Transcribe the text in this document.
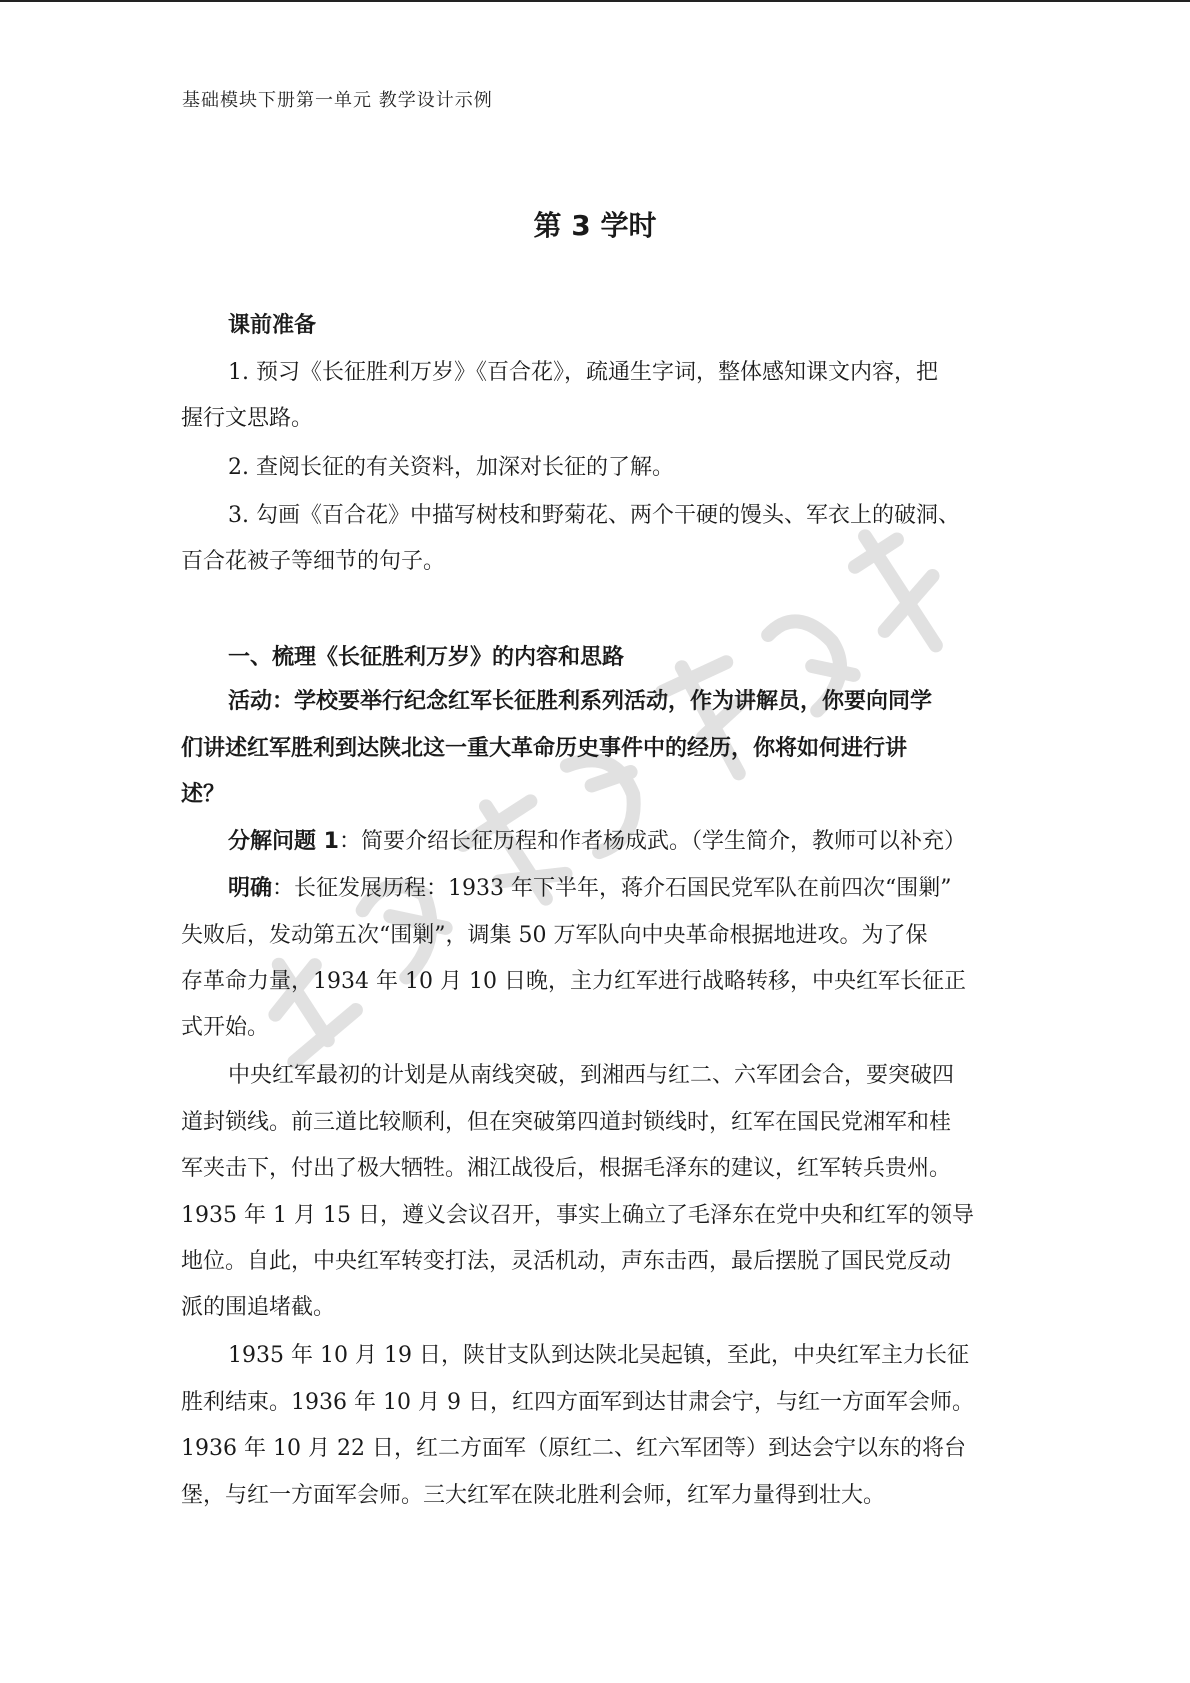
基础模块下册第一单元 教学设计示例
第 3 学时
课前准备
1. 预习《长征胜利万岁》《百合花》，疏通生字词，整体感知课文内容，把
握行文思路。
2. 查阅长征的有关资料，加深对长征的了解。
3. 勾画《百合花》中描写树枝和野菊花、两个干硬的馒头、军衣上的破洞、
百合花被子等细节的句子。
一、梳理《长征胜利万岁》的内容和思路
活动：学校要举行纪念红军长征胜利系列活动，作为讲解员，你要向同学
们讲述红军胜利到达陕北这一重大革命历史事件中的经历，你将如何进行讲
述？
分解问题 1：简要介绍长征历程和作者杨成武。（学生简介，教师可以补充）
明确：长征发展历程：1933 年下半年，蒋介石国民党军队在前四次“围剿”
失败后，发动第五次“围剿”，调集 50 万军队向中央革命根据地进攻。为了保
存革命力量，1934 年 10 月 10 日晚，主力红军进行战略转移，中央红军长征正
式开始。
中央红军最初的计划是从南线突破，到湘西与红二、六军团会合，要突破四
道封锁线。前三道比较顺利，但在突破第四道封锁线时，红军在国民党湘军和桂
军夹击下，付出了极大牺牲。湘江战役后，根据毛泽东的建议，红军转兵贵州。
1935 年 1 月 15 日，遵义会议召开，事实上确立了毛泽东在党中央和红军的领导
地位。自此，中央红军转变打法，灵活机动，声东击西，最后摆脱了国民党反动
派的围追堵截。
1935 年 10 月 19 日，陕甘支队到达陕北吴起镇，至此，中央红军主力长征
胜利结束。1936 年 10 月 9 日，红四方面军到达甘肃会宁，与红一方面军会师。
1936 年 10 月 22 日，红二方面军（原红二、红六军团等）到达会宁以东的将台
堡，与红一方面军会师。三大红军在陕北胜利会师，红军力量得到壮大。
